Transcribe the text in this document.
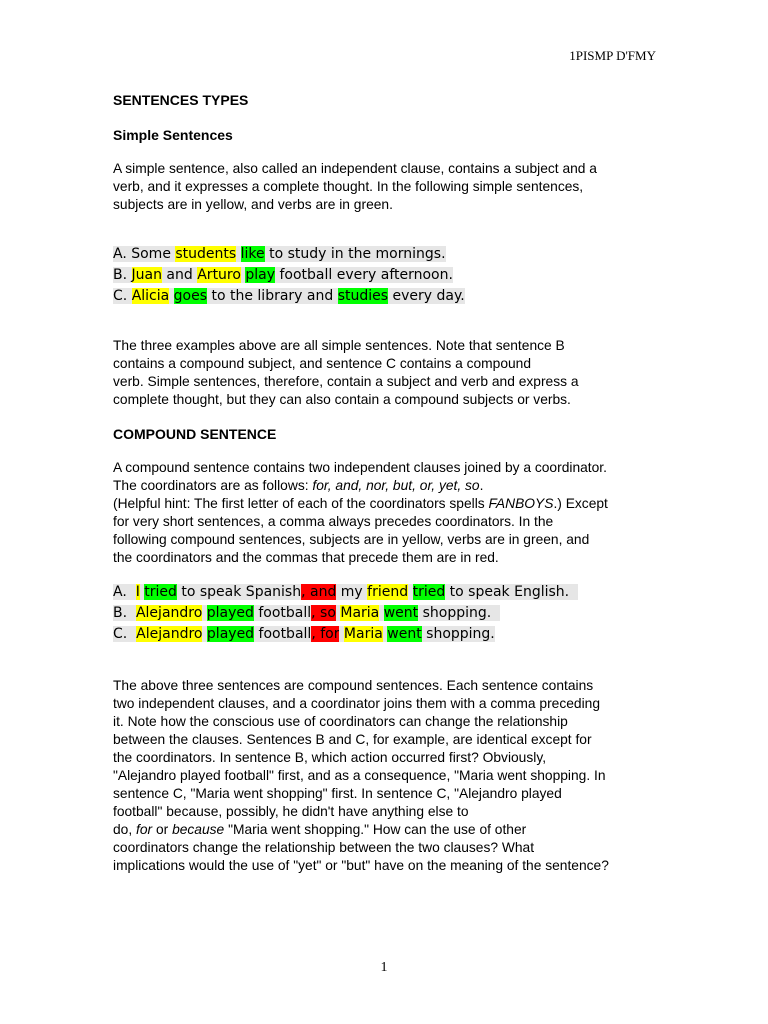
1PISMP D'FMY
SENTENCES TYPES
Simple Sentences
A simple sentence, also called an independent clause, contains a subject and a
verb, and it expresses a complete thought. In the following simple sentences,
subjects are in yellow, and verbs are in green.
A. Some students like to study in the mornings.
B. Juan and Arturo play football every afternoon.
C. Alicia goes to the library and studies every day.
The three examples above are all simple sentences. Note that sentence B
contains a compound subject, and sentence C contains a compound
verb. Simple sentences, therefore, contain a subject and verb and express a
complete thought, but they can also contain a compound subjects or verbs.
COMPOUND SENTENCE
A compound sentence contains two independent clauses joined by a coordinator.
The coordinators are as follows: for, and, nor, but, or, yet, so.
(Helpful hint: The first letter of each of the coordinators spells FANBOYS.) Except
for very short sentences, a comma always precedes coordinators. In the
following compound sentences, subjects are in yellow, verbs are in green, and
the coordinators and the commas that precede them are in red.
A.  I tried to speak Spanish, and my friend tried to speak English.
B.  Alejandro played football, so Maria went shopping.
C.  Alejandro played football, for Maria went shopping.
The above three sentences are compound sentences. Each sentence contains
two independent clauses, and a coordinator joins them with a comma preceding
it. Note how the conscious use of coordinators can change the relationship
between the clauses. Sentences B and C, for example, are identical except for
the coordinators. In sentence B, which action occurred first? Obviously,
"Alejandro played football" first, and as a consequence, "Maria went shopping. In
sentence C, "Maria went shopping" first. In sentence C, "Alejandro played
football" because, possibly, he didn't have anything else to
do, for or because "Maria went shopping." How can the use of other
coordinators change the relationship between the two clauses? What
implications would the use of "yet" or "but" have on the meaning of the sentence?
1
